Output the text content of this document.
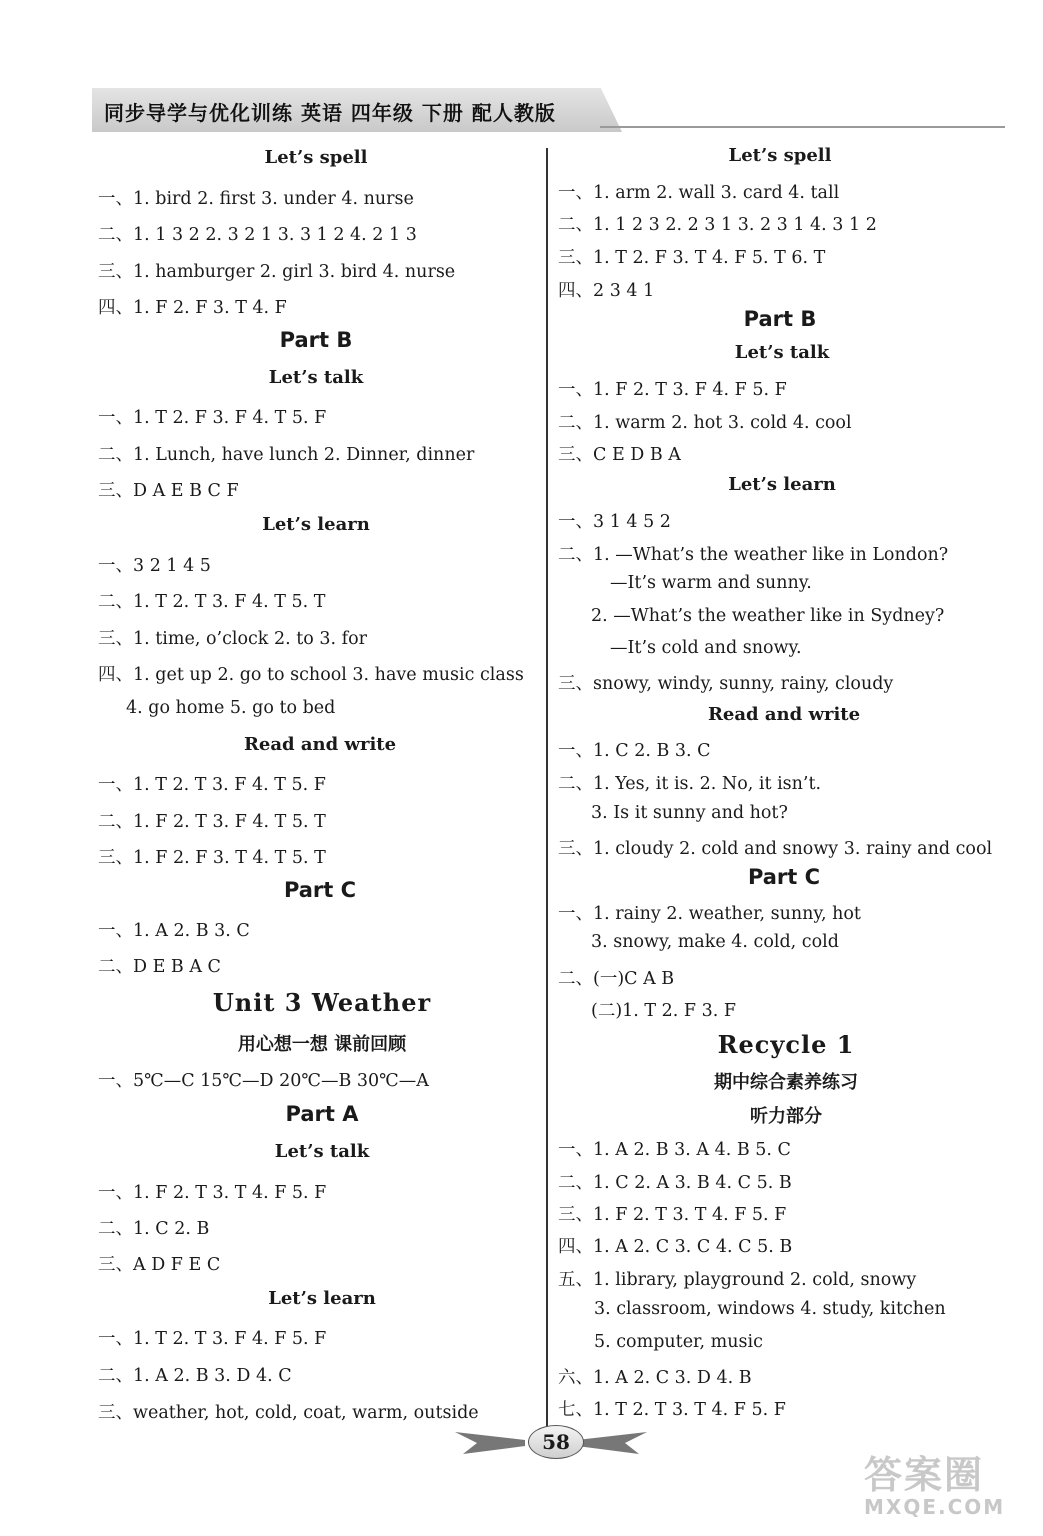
同步导学与优化训练 英语 四年级 下册 配人教版
Let’s spell
一、1. bird 2. first 3. under 4. nurse
二、1. 1 3 2 2. 3 2 1 3. 3 1 2 4. 2 1 3
三、1. hamburger 2. girl 3. bird 4. nurse
四、1. F 2. F 3. T 4. F
Part B
Let’s talk
一、1. T 2. F 3. F 4. T 5. F
二、1. Lunch, have lunch 2. Dinner, dinner
三、D A E B C F
Let’s learn
一、3 2 1 4 5
二、1. T 2. T 3. F 4. T 5. T
三、1. time, o’clock 2. to 3. for
四、1. get up 2. go to school 3. have music class
4. go home 5. go to bed
Read and write
一、1. T 2. T 3. F 4. T 5. F
二、1. F 2. T 3. F 4. T 5. T
三、1. F 2. F 3. T 4. T 5. T
Part C
一、1. A 2. B 3. C
二、D E B A C
Unit 3 Weather
用心想一想 课前回顾
一、5℃—C 15℃—D 20℃—B 30℃—A
Part A
Let’s talk
一、1. F 2. T 3. T 4. F 5. F
二、1. C 2. B
三、A D F E C
Let’s learn
一、1. T 2. T 3. F 4. F 5. F
二、1. A 2. B 3. D 4. C
三、weather, hot, cold, coat, warm, outside
Let’s spell
一、1. arm 2. wall 3. card 4. tall
二、1. 1 2 3 2. 2 3 1 3. 2 3 1 4. 3 1 2
三、1. T 2. F 3. T 4. F 5. T 6. T
四、2 3 4 1
Part B
Let’s talk
一、1. F 2. T 3. F 4. F 5. F
二、1. warm 2. hot 3. cold 4. cool
三、C E D B A
Let’s learn
一、3 1 4 5 2
二、1. —What’s the weather like in London?
—It’s warm and sunny.
2. —What’s the weather like in Sydney?
—It’s cold and snowy.
三、snowy, windy, sunny, rainy, cloudy
Read and write
一、1. C 2. B 3. C
二、1. Yes, it is. 2. No, it isn’t.
3. Is it sunny and hot?
三、1. cloudy 2. cold and snowy 3. rainy and cool
Part C
一、1. rainy 2. weather, sunny, hot
3. snowy, make 4. cold, cold
二、(一)C A B
(二)1. T 2. F 3. F
Recycle 1
期中综合素养练习
听力部分
一、1. A 2. B 3. A 4. B 5. C
二、1. C 2. A 3. B 4. C 5. B
三、1. F 2. T 3. T 4. F 5. F
四、1. A 2. C 3. C 4. C 5. B
五、1. library, playground 2. cold, snowy
3. classroom, windows 4. study, kitchen
5. computer, music
六、1. A 2. C 3. D 4. B
七、1. T 2. T 3. T 4. F 5. F
58
答案圈
MXQE.COM
